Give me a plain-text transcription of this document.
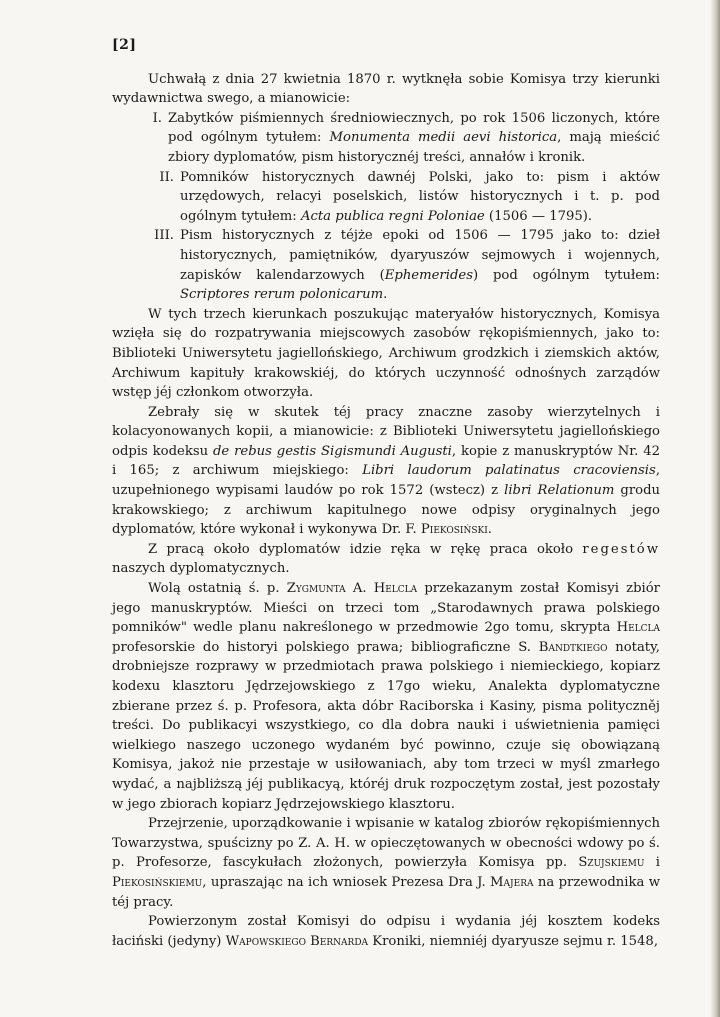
[2]

Uchwałą z dnia 27 kwietnia 1870 r. wytknęła sobie Komisya trzy kierunki wydawnictwa swego, a mianowicie:

I. Zabytków piśmiennych średniowiecznych, po rok 1506 liczonych, które pod ogólnym tytułem: Monumenta medii aevi historica, mają mieścić zbiory dyplomatów, pism historycznéj treści, annałów i kronik.
II. Pomników historycznych dawnéj Polski, jako to: pism i aktów urzędowych, relacyi poselskich, listów historycznych i t. p. pod ogólnym tytułem: Acta publica regni Poloniae (1506 — 1795).
III. Pism historycznych z téjże epoki od 1506 — 1795 jako to: dzieł historycznych, pamiętników, dyaryuszów sejmowych i wojennych, zapisków kalendarzowych (Ephemerides) pod ogólnym tytułem: Scriptores rerum polonicarum.

W tych trzech kierunkach poszukując materyałów historycznych, Komisya wzięła się do rozpatrywania miejscowych zasobów rękopiśmiennych, jako to: Biblioteki Uniwersytetu jagiellońskiego, Archiwum grodzkich i ziemskich aktów, Archiwum kapituły krakowskiéj, do których uczynność odnośnych zarządów wstęp jéj członkom otworzyła.

Zebrały się w skutek téj pracy znaczne zasoby wierzytelnych i kolacyonowanych kopii, a mianowicie: z Biblioteki Uniwersytetu jagiellońskiego odpis kodeksu de rebus gestis Sigismundi Augusti, kopie z manuskryptów Nr. 42 i 165; z archiwum miejskiego: Libri laudorum palatinatus cracoviensis, uzupełnionego wypisami laudów po rok 1572 (wstecz) z libri Relationum grodu krakowskiego; z archiwum kapitulnego nowe odpisy oryginalnych jego dyplomatów, które wykonał i wykonywa Dr. F. Piekosiński.

Z pracą około dyplomatów idzie ręka w rękę praca około regestów naszych dyplomatycznych.

Wolą ostatnią ś. p. Zygmunta A. Helcla przekazanym został Komisyi zbiór jego manuskryptów. Mieści on trzeci tom „Starodawnych prawa polskiego pomników" wedle planu nakreślonego w przedmowie 2go tomu, skrypta Helcla profesorskie do historyi polskiego prawa; bibliograficzne S. Bandtkiego notaty, drobniejsze rozprawy w przedmiotach prawa polskiego i niemieckiego, kopiarz kodexu klasztoru Jędrzejowskiego z 17go wieku, Analekta dyplomatyczne zbierane przez ś. p. Profesora, akta dóbr Raciborska i Kasiny, pisma polityczněj treści. Do publikacyi wszystkiego, co dla dobra nauki i uświetnienia pamięci wielkiego naszego uczonego wydaném być powinno, czuje się obowiązaną Komisya, jakoż nie przestaje w usiłowaniach, aby tom trzeci w myśl zmarłego wydać, a najbliższą jéj publikacyą, któréj druk rozpoczętym został, jest pozostały w jego zbiorach kopiarz Jędrzejowskiego klasztoru.

Przejrzenie, uporządkowanie i wpisanie w katalog zbiorów rękopiśmiennych Towarzystwa, spuścizny po Z. A. H. w opieczętowanych w obecności wdowy po ś. p. Profesorze, fascykułach złożonych, powierzyła Komisya pp. Szujskiemu i Piekosińskiemu, upraszając na ich wniosek Prezesa Dra J. Majera na przewodnika w téj pracy.

Powierzonym został Komisyi do odpisu i wydania jéj kosztem kodeks łaciński (jedyny) Wapowskiego Bernarda Kroniki, niemniéj dyaryusze sejmu r. 1548,
